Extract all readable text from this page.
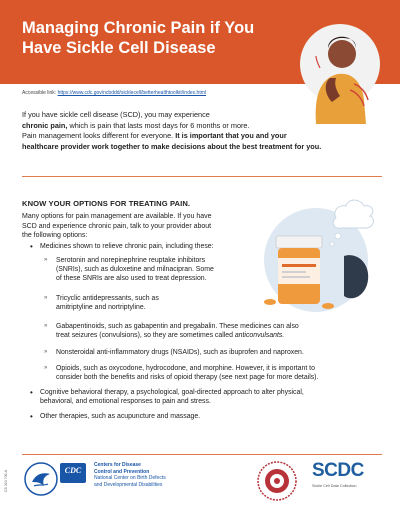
Managing Chronic Pain if You
Have Sickle Cell Disease
Accessible link: https://www.cdc.gov/ncbddd/sicklecell/betterhealthtoolkit/index.html
If you have sickle cell disease (SCD), you may experience
chronic pain, which is pain that lasts most days for 6 months or more.
Pain management looks different for everyone. It is important that you and your
healthcare provider work together to make decisions about the best treatment for you.
KNOW YOUR OPTIONS FOR TREATING PAIN.
Many options for pain management are available. If you have
SCD and experience chronic pain, talk to your provider about
the following options:
• Medicines shown to relieve chronic pain, including these:
» Serotonin and norepinephrine reuptake inhibitors
(SNRIs), such as duloxetine and milnacipran. Some
of these SNRIs are also used to treat depression.
» Tricyclic antidepressants, such as
amitriptyline and nortriptyline.
» Gabapentinoids, such as gabapentin and pregabalin. These medicines can also
treat seizures (convulsions), so they are sometimes called anticonvulsants.
» Nonsteroidal anti-inflammatory drugs (NSAIDs), such as ibuprofen and naproxen.
» Opioids, such as oxycodone, hydrocodone, and morphine. However, it is important to
consider both the benefits and risks of opioid therapy (see next page for more details).
• Cognitive behavioral therapy, a psychological, goal-directed approach to alter physical,
behavioral, and emotional responses to pain and stress.
• Other therapies, such as acupuncture and massage.
CS 324 706-A	CDC
Centers for Disease
Control and Prevention
National Center on Birth Defects
and Developmental Disabilities
SCDC
Sickle Cell Data Collection
